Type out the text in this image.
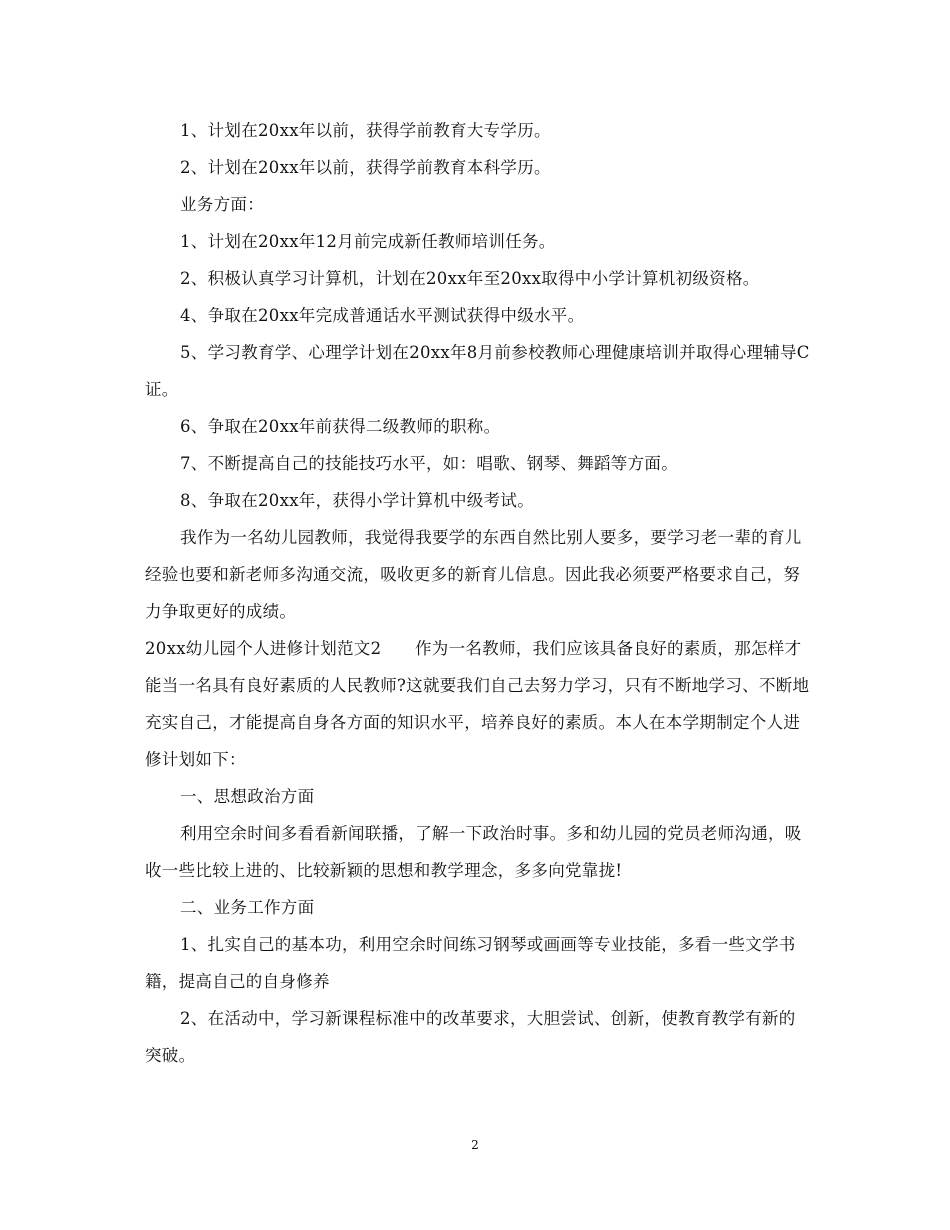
1、计划在20xx年以前，获得学前教育大专学历。

2、计划在20xx年以前，获得学前教育本科学历。

业务方面：

1、计划在20xx年12月前完成新任教师培训任务。

2、积极认真学习计算机，计划在20xx年至20xx取得中小学计算机初级资格。

4、争取在20xx年完成普通话水平测试获得中级水平。

5、学习教育学、心理学计划在20xx年8月前参校教师心理健康培训并取得心理辅导C证。

6、争取在20xx年前获得二级教师的职称。

7、不断提高自己的技能技巧水平，如：唱歌、钢琴、舞蹈等方面。

8、争取在20xx年，获得小学计算机中级考试。

我作为一名幼儿园教师，我觉得我要学的东西自然比别人要多，要学习老一辈的育儿经验也要和新老师多沟通交流，吸收更多的新育儿信息。因此我必须要严格要求自己，努力争取更好的成绩。

20xx幼儿园个人进修计划范文2　　作为一名教师，我们应该具备良好的素质，那怎样才能当一名具有良好素质的人民教师?这就要我们自己去努力学习，只有不断地学习、不断地充实自己，才能提高自身各方面的知识水平，培养良好的素质。本人在本学期制定个人进修计划如下：

一、思想政治方面

利用空余时间多看看新闻联播，了解一下政治时事。多和幼儿园的党员老师沟通，吸收一些比较上进的、比较新颖的思想和教学理念，多多向党靠拢!

二、业务工作方面

1、扎实自己的基本功，利用空余时间练习钢琴或画画等专业技能，多看一些文学书籍，提高自己的自身修养

2、在活动中，学习新课程标准中的改革要求，大胆尝试、创新，使教育教学有新的突破。

2
